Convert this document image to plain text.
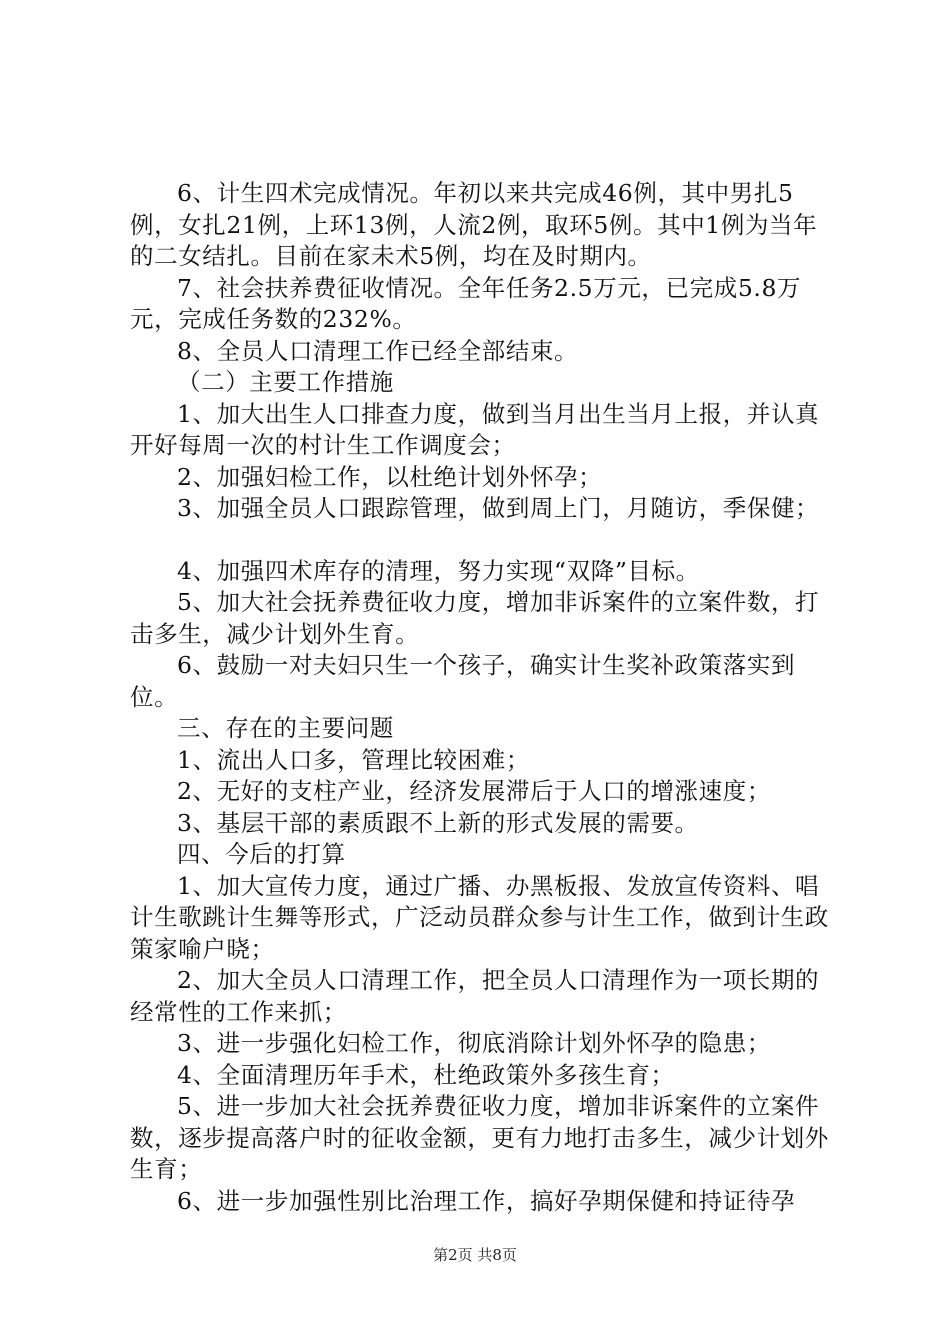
6、计生四术完成情况。年初以来共完成46例，其中男扎5例，女扎21例，上环13例，人流2例，取环5例。其中1例为当年的二女结扎。目前在家未术5例，均在及时期内。

7、社会扶养费征收情况。全年任务2.5万元，已完成5.8万元，完成任务数的232%。

8、全员人口清理工作已经全部结束。

（二）主要工作措施

1、加大出生人口排查力度，做到当月出生当月上报，并认真开好每周一次的村计生工作调度会；

2、加强妇检工作，以杜绝计划外怀孕；

3、加强全员人口跟踪管理，做到周上门，月随访，季保健；

4、加强四术库存的清理，努力实现“双降”目标。

5、加大社会抚养费征收力度，增加非诉案件的立案件数，打击多生，减少计划外生育。

6、鼓励一对夫妇只生一个孩子，确实计生奖补政策落实到位。

三、存在的主要问题

1、流出人口多，管理比较困难；

2、无好的支柱产业，经济发展滞后于人口的增涨速度；

3、基层干部的素质跟不上新的形式发展的需要。

四、今后的打算

1、加大宣传力度，通过广播、办黑板报、发放宣传资料、唱计生歌跳计生舞等形式，广泛动员群众参与计生工作，做到计生政策家喻户晓；

2、加大全员人口清理工作，把全员人口清理作为一项长期的经常性的工作来抓；

3、进一步强化妇检工作，彻底消除计划外怀孕的隐患；

4、全面清理历年手术，杜绝政策外多孩生育；

5、进一步加大社会抚养费征收力度，增加非诉案件的立案件数，逐步提高落户时的征收金额，更有力地打击多生，减少计划外生育；

6、进一步加强性别比治理工作，搞好孕期保健和持证待孕

第2页 共8页
